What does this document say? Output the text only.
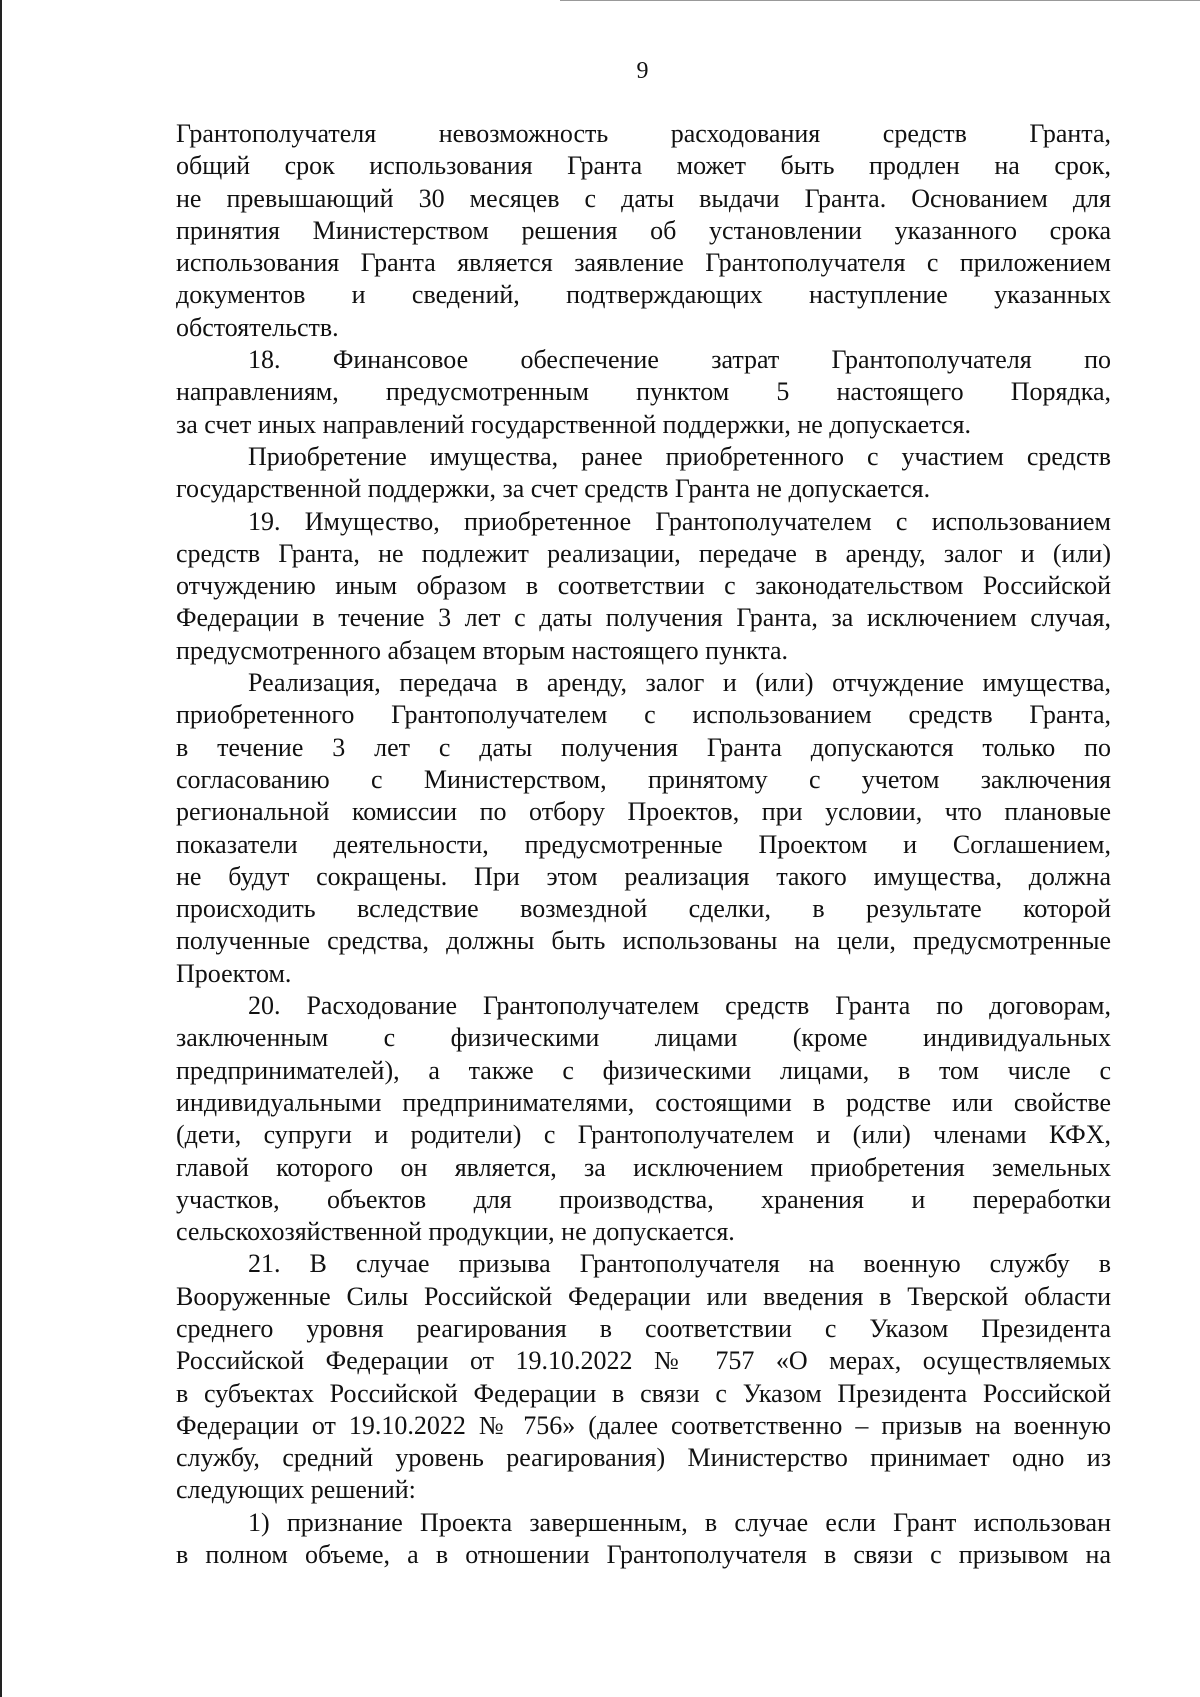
9
Грантополучателя невозможность расходования средств Гранта,
общий срок использования Гранта может быть продлен на срок,
не превышающий 30 месяцев с даты выдачи Гранта. Основанием для
принятия Министерством решения об установлении указанного срока
использования Гранта является заявление Грантополучателя с приложением
документов и сведений, подтверждающих наступление указанных
обстоятельств.
18. Финансовое обеспечение затрат Грантополучателя по
направлениям, предусмотренным пунктом 5 настоящего Порядка,
за счет иных направлений государственной поддержки, не допускается.
Приобретение имущества, ранее приобретенного с участием средств
государственной поддержки, за счет средств Гранта не допускается.
19. Имущество, приобретенное Грантополучателем с использованием
средств Гранта, не подлежит реализации, передаче в аренду, залог и (или)
отчуждению иным образом в соответствии с законодательством Российской
Федерации в течение 3 лет с даты получения Гранта, за исключением случая,
предусмотренного абзацем вторым настоящего пункта.
Реализация, передача в аренду, залог и (или) отчуждение имущества,
приобретенного Грантополучателем с использованием средств Гранта,
в течение 3 лет с даты получения Гранта допускаются только по
согласованию с Министерством, принятому с учетом заключения
региональной комиссии по отбору Проектов, при условии, что плановые
показатели деятельности, предусмотренные Проектом и Соглашением,
не будут сокращены. При этом реализация такого имущества, должна
происходить вследствие возмездной сделки, в результате которой
полученные средства, должны быть использованы на цели, предусмотренные
Проектом.
20. Расходование Грантополучателем средств Гранта по договорам,
заключенным с физическими лицами (кроме индивидуальных
предпринимателей), а также с физическими лицами, в том числе с
индивидуальными предпринимателями, состоящими в родстве или свойстве
(дети, супруги и родители) с Грантополучателем и (или) членами КФХ,
главой которого он является, за исключением приобретения земельных
участков, объектов для производства, хранения и переработки
сельскохозяйственной продукции, не допускается.
21. В случае призыва Грантополучателя на военную службу в
Вооруженные Силы Российской Федерации или введения в Тверской области
среднего уровня реагирования в соответствии с Указом Президента
Российской Федерации от 19.10.2022 № 757 «О мерах, осуществляемых
в субъектах Российской Федерации в связи с Указом Президента Российской
Федерации от 19.10.2022 № 756» (далее соответственно – призыв на военную
службу, средний уровень реагирования) Министерство принимает одно из
следующих решений:
1) признание Проекта завершенным, в случае если Грант использован
в полном объеме, а в отношении Грантополучателя в связи с призывом на
